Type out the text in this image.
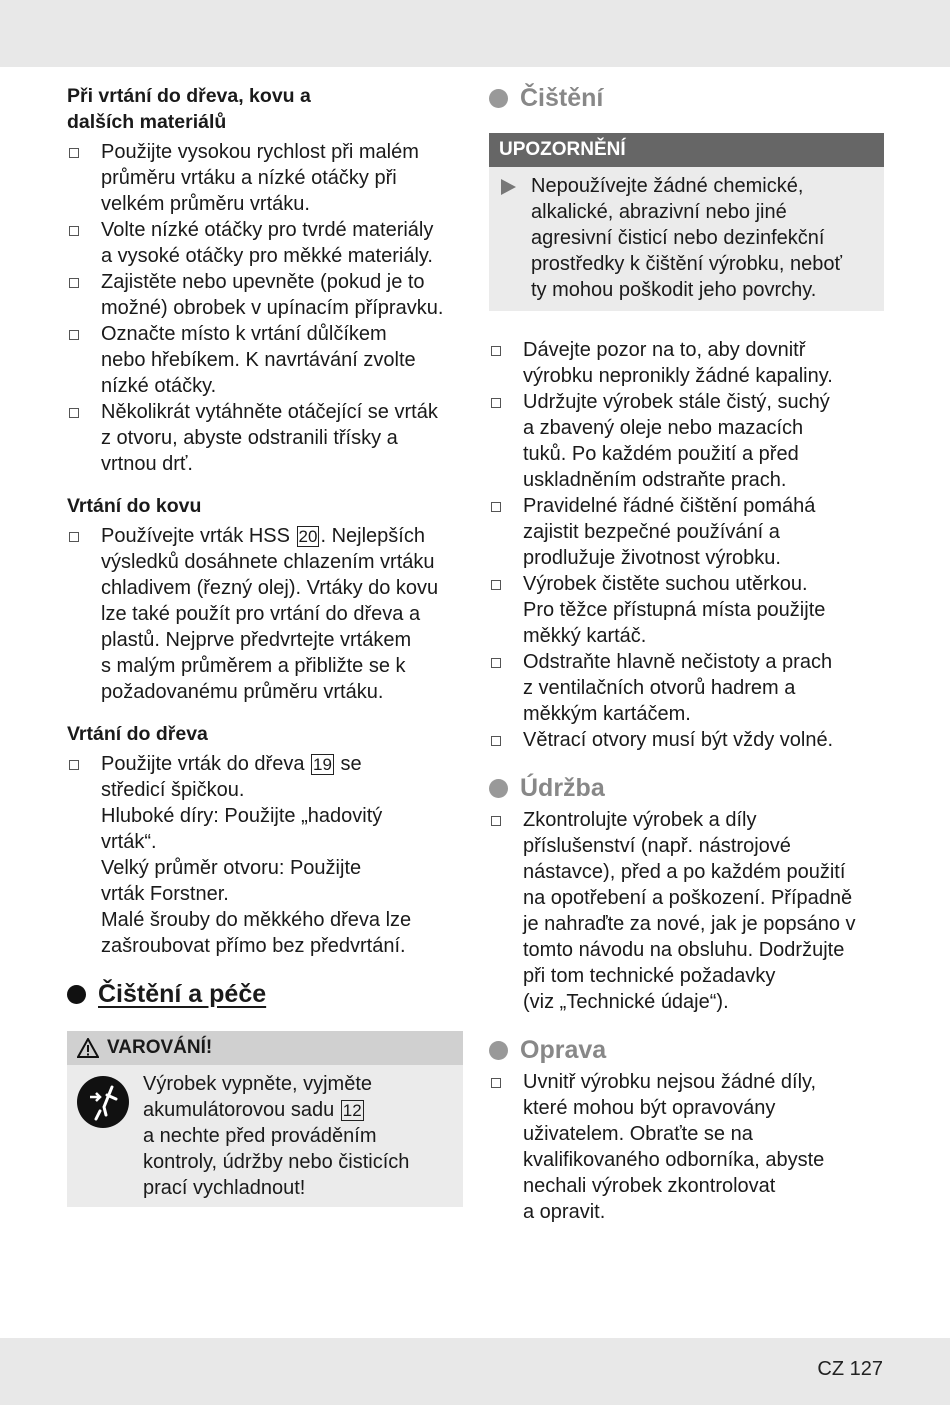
Při vrtání do dřeva, kovu a
dalších materiálů

Použijte vysokou rychlost při malém
průměru vrtáku a nízké otáčky při
velkém průměru vrtáku.
Volte nízké otáčky pro tvrdé materiály
a vysoké otáčky pro měkké materiály.
Zajistěte nebo upevněte (pokud je to
možné) obrobek v upínacím přípravku.
Označte místo k vrtání důlčíkem
nebo hřebíkem. K navrtávání zvolte
nízké otáčky.
Několikrát vytáhněte otáčející se vrták
z otvoru, abyste odstranili třísky a
vrtnou drť.

Vrtání do kovu

Používejte vrták HSS 20 . Nejlepších
výsledků dosáhnete chlazením vrtáku
chladivem (řezný olej). Vrtáky do kovu
lze také použít pro vrtání do dřeva a
plastů. Nejprve předvrtejte vrtákem
s malým průměrem a přibližte se k
požadovanému průměru vrtáku.

Vrtání do dřeva

Použijte vrták do dřeva 19 se
středicí špičkou.
Hluboké díry: Použijte „hadovitý
vrták“.
Velký průměr otvoru: Použijte
vrták Forstner.
Malé šrouby do měkkého dřeva lze
zašroubovat přímo bez předvrtání.
Čištění a péče
VAROVÁNÍ!
Výrobek vypněte, vyjměte
akumulátorovou sadu 12
a nechte před prováděním
kontroly, údržby nebo čisticích
prací vychladnout!
Čištění
UPOZORNĚNÍ
Nepoužívejte žádné chemické,
alkalické, abrazivní nebo jiné
agresivní čisticí nebo dezinfekční
prostředky k čištění výrobku, neboť
ty mohou poškodit jeho povrchy.
Dávejte pozor na to, aby dovnitř
výrobku nepronikly žádné kapaliny.
Udržujte výrobek stále čistý, suchý
a zbavený oleje nebo mazacích
tuků. Po každém použití a před
uskladněním odstraňte prach.
Pravidelné řádné čištění pomáhá
zajistit bezpečné používání a
prodlužuje životnost výrobku.
Výrobek čistěte suchou utěrkou.
Pro těžce přístupná místa použijte
měkký kartáč.
Odstraňte hlavně nečistoty a prach
z ventilačních otvorů hadrem a
měkkým kartáčem.
Větrací otvory musí být vždy volné.
Údržba
Zkontrolujte výrobek a díly
příslušenství (např. nástrojové
nástavce), před a po každém použití
na opotřebení a poškození. Případně
je nahraďte za nové, jak je popsáno v
tomto návodu na obsluhu. Dodržujte
při tom technické požadavky
(viz „Technické údaje“).
Oprava
Uvnitř výrobku nejsou žádné díly,
které mohou být opravovány
uživatelem. Obraťte se na
kvalifikovaného odborníka, abyste
nechali výrobek zkontrolovat
a opravit.
CZ 127
